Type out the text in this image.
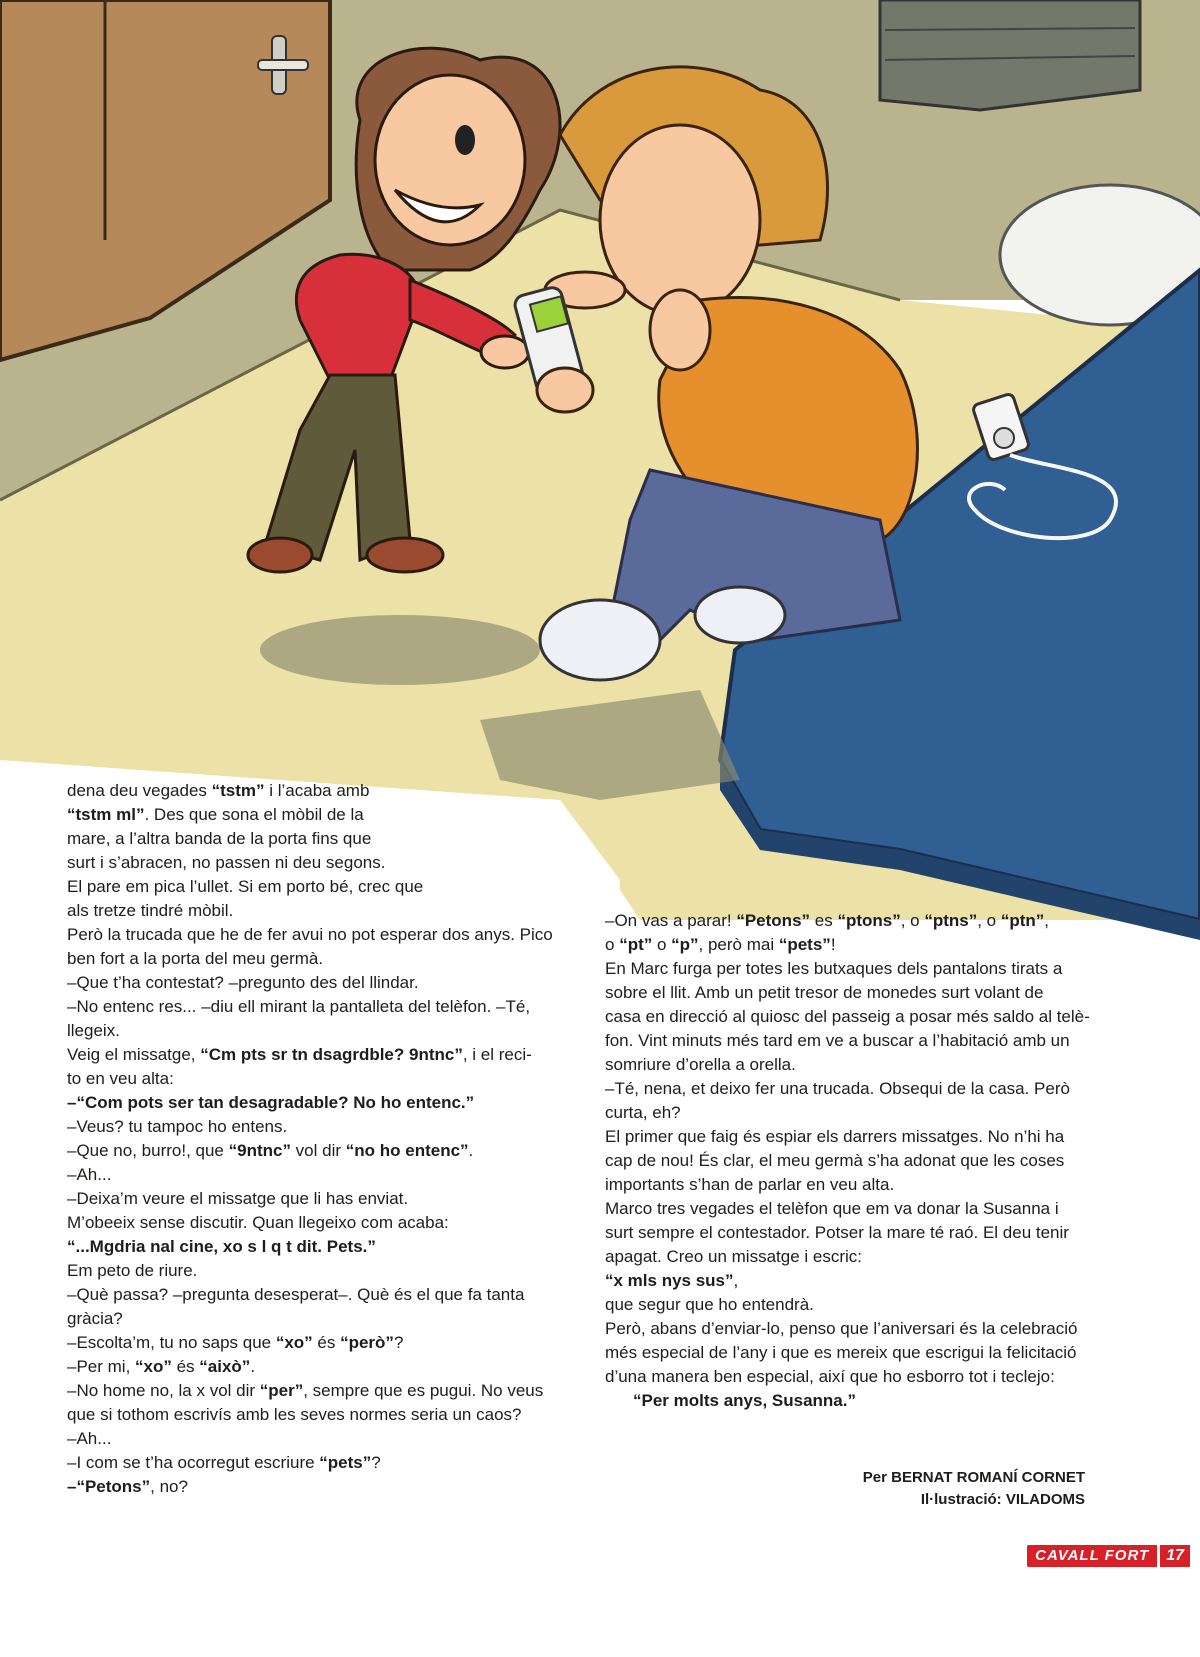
dena deu vegades “tstm” i l’acaba amb

“tstm ml”. Des que sona el mòbil de la

mare, a l’altra banda de la porta fins que

surt i s’abracen, no passen ni deu segons.

El pare em pica l’ullet. Si em porto bé, crec que

als tretze tindré mòbil.

Però la trucada que he de fer avui no pot esperar dos anys. Pico

ben fort a la porta del meu germà.

–Que t’ha contestat? –pregunto des del llindar.

–No entenc res... –diu ell mirant la pantalleta del telèfon. –Té,

llegeix.

Veig el missatge, “Cm pts sr tn dsagrdble? 9ntnc”, i el reci-

to en veu alta:

–“Com pots ser tan desagradable? No ho entenc.”

–Veus? tu tampoc ho entens.

–Que no, burro!, que “9ntnc” vol dir “no ho entenc”.

–Ah...

–Deixa’m veure el missatge que li has enviat.

M’obeeix sense discutir. Quan llegeixo com acaba:

“...Mgdria nal cine, xo s l q t dit. Pets.”

Em peto de riure.

–Què passa? –pregunta desesperat–. Què és el que fa tanta

gràcia?

–Escolta’m, tu no saps que “xo” és “però”?

–Per mi, “xo” és “això”.

–No home no, la x vol dir “per”, sempre que es pugui. No veus

que si tothom escrivís amb les seves normes seria un caos?

–Ah...

–I com se t’ha ocorregut escriure “pets”?

–“Petons”, no?

–On vas a parar! “Petons” es “ptons”, o “ptns”, o “ptn”,

o “pt” o “p”, però mai “pets”!

En Marc furga per totes les butxaques dels pantalons tirats a

sobre el llit. Amb un petit tresor de monedes surt volant de

casa en direcció al quiosc del passeig a posar més saldo al telè-

fon. Vint minuts més tard em ve a buscar a l’habitació amb un

somriure d’orella a orella.

–Té, nena, et deixo fer una trucada. Obsequi de la casa. Però

curta, eh?

El primer que faig és espiar els darrers missatges. No n’hi ha

cap de nou! És clar, el meu germà s’ha adonat que les coses

importants s’han de parlar en veu alta.

Marco tres vegades el telèfon que em va donar la Susanna i

surt sempre el contestador. Potser la mare té raó. El deu tenir

apagat. Creo un missatge i escric:

“x mls nys sus”,

que segur que ho entendrà.

Però, abans d’enviar-lo, penso que l’aniversari és la celebració

més especial de l’any i que es mereix que escrigui la felicitació

d’una manera ben especial, així que ho esborro tot i teclejo:

“Per molts anys, Susanna.”

Per BERNAT ROMANÍ CORNET
Il·lustració: VILADOMS
CAVALL FORT	17
